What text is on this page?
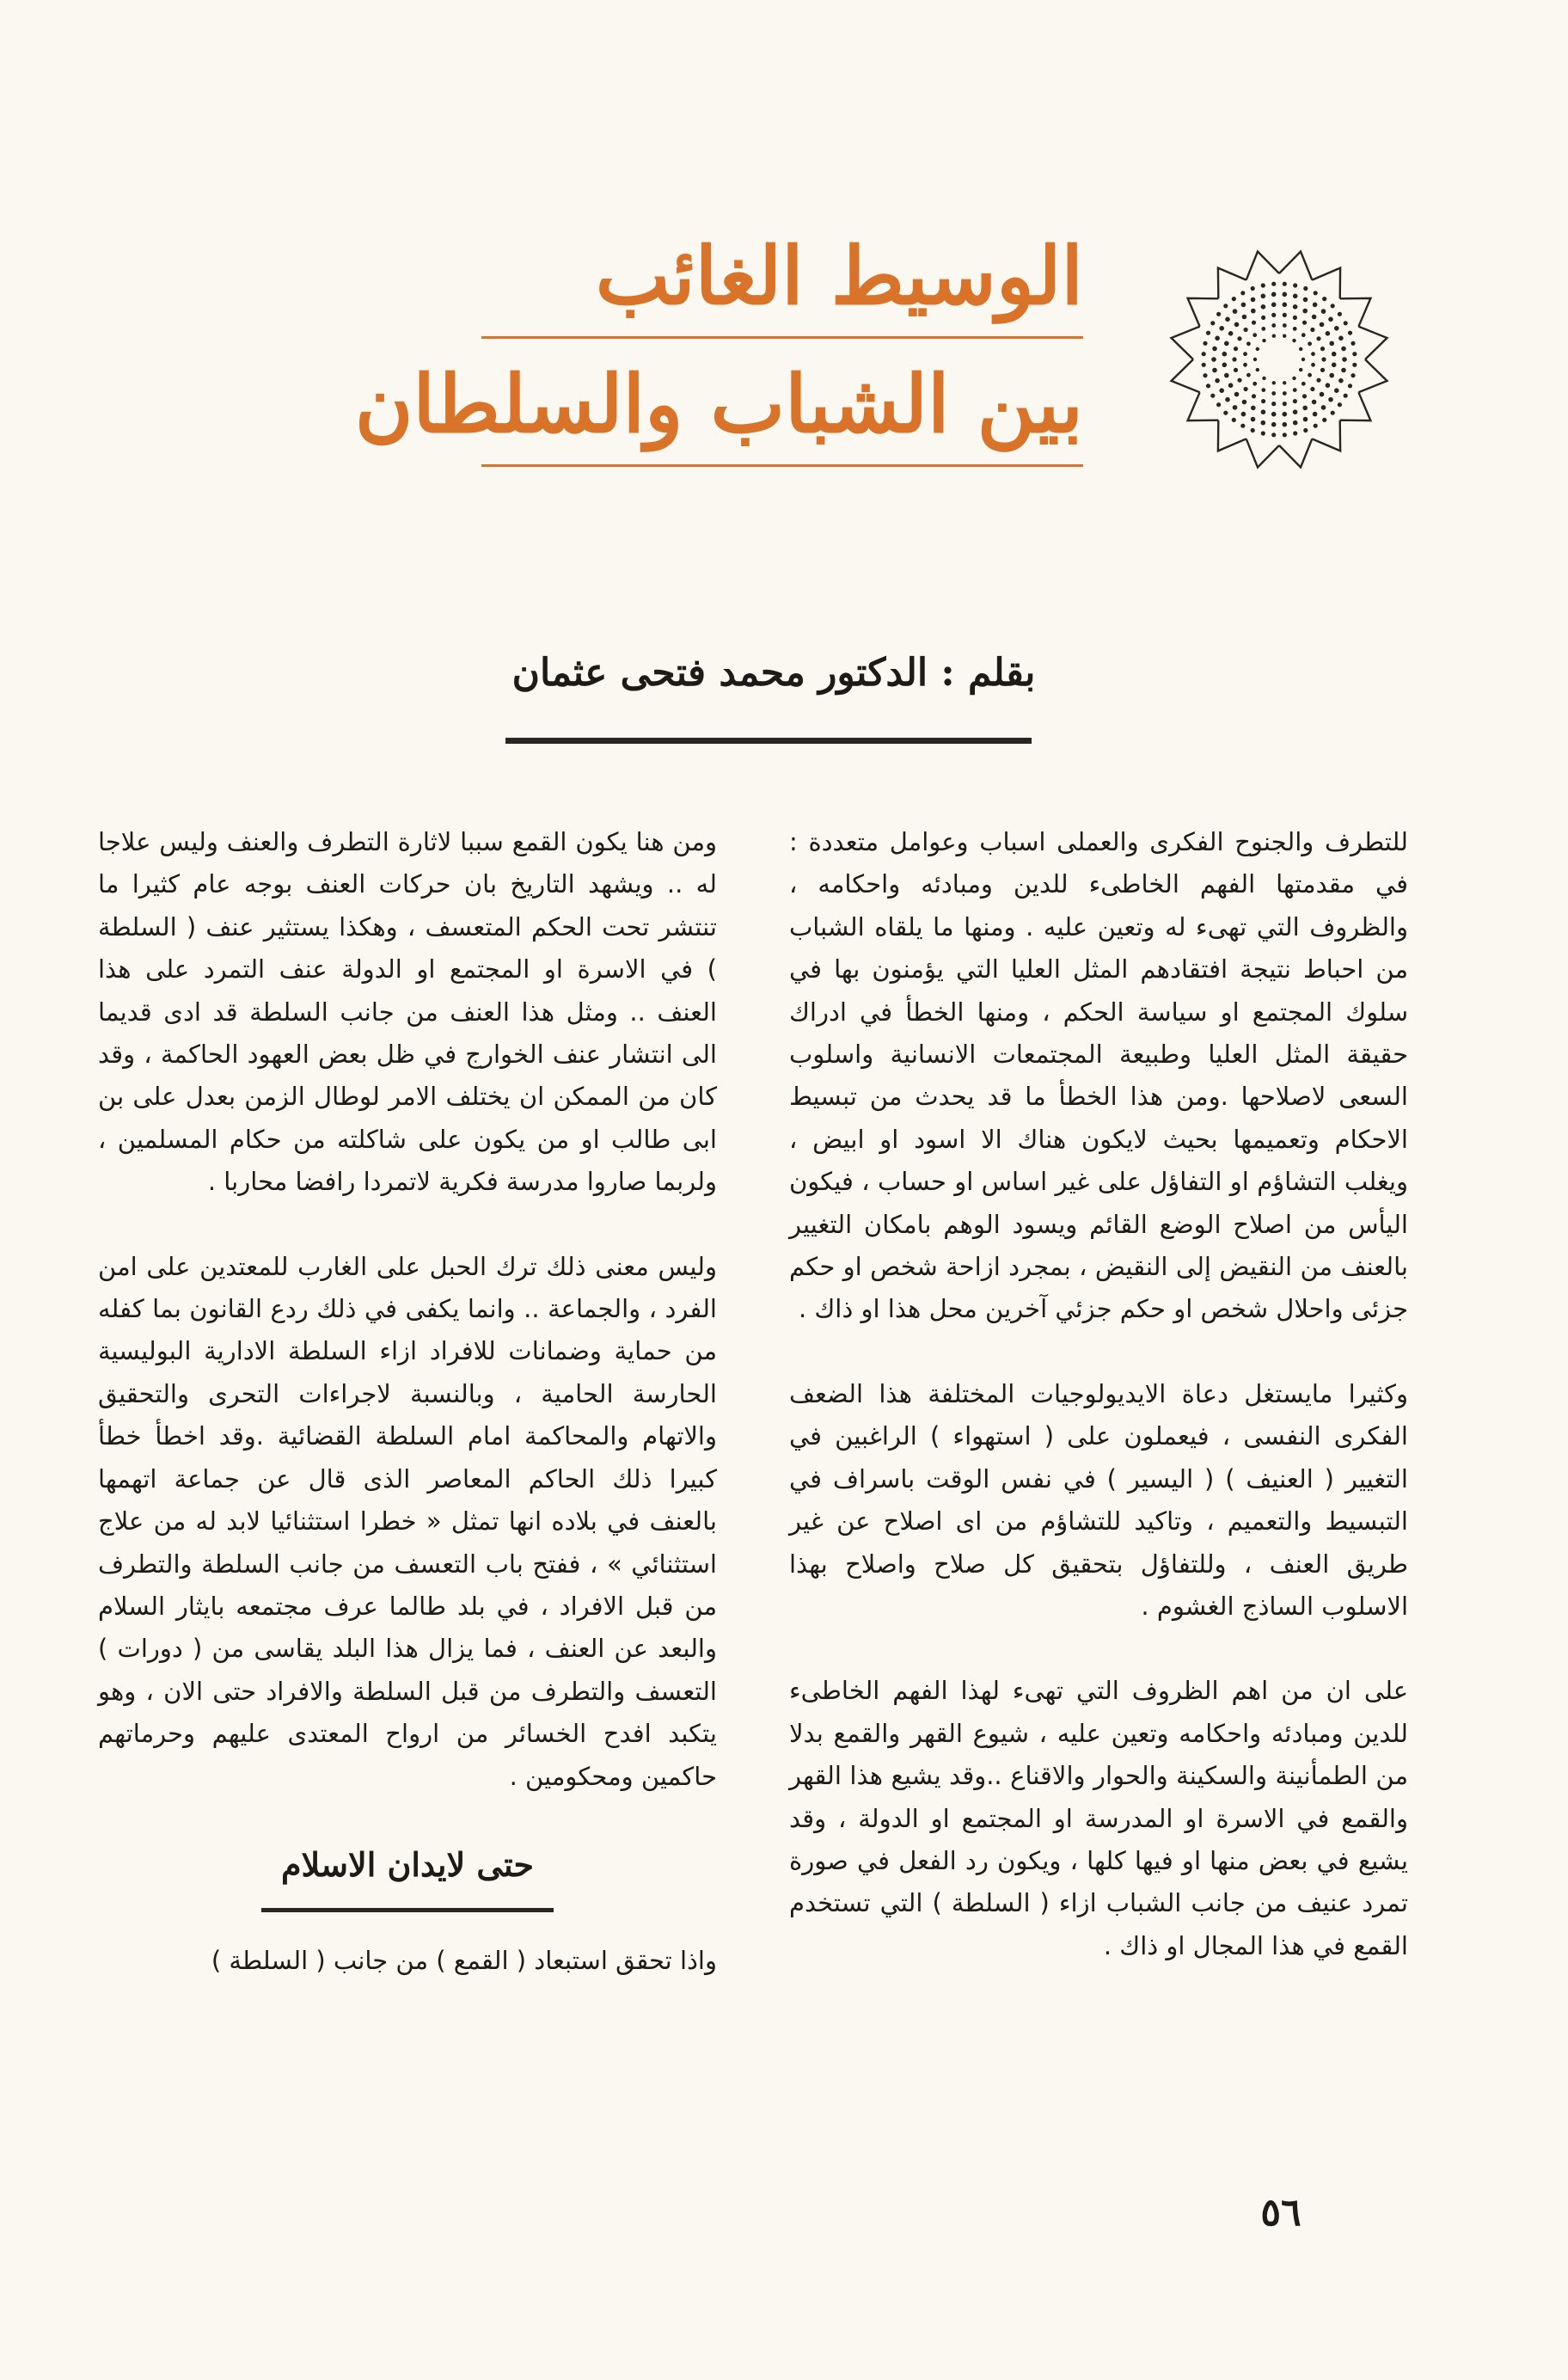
الوسيط الغائب
بين الشباب والسلطان
بقلم : الدكتور محمد فتحى عثمان

للتطرف والجنوح الفكرى والعملى اسباب وعوامل متعددة : في مقدمتها الفهم الخاطىء للدين ومبادئه واحكامه ، والظروف التي تهىء له وتعين عليه . ومنها ما يلقاه الشباب من احباط نتيجة افتقادهم المثل العليا التي يؤمنون بها في سلوك المجتمع او سياسة الحكم ، ومنها الخطأ في ادراك حقيقة المثل العليا وطبيعة المجتمعات الانسانية واسلوب السعى لاصلاحها .ومن هذا الخطأ ما قد يحدث من تبسيط الاحكام وتعميمها بحيث لايكون هناك الا اسود او ابيض ، ويغلب التشاؤم او التفاؤل على غير اساس او حساب ، فيكون اليأس من اصلاح الوضع القائم ويسود الوهم بامكان التغيير بالعنف من النقيض إلى النقيض ، بمجرد ازاحة شخص او حكم جزئى واحلال شخص او حكم جزئي آخرين محل هذا او ذاك .

وكثيرا مايستغل دعاة الايديولوجيات المختلفة هذا الضعف الفكرى النفسى ، فيعملون على ( استهواء ) الراغبين في التغيير ( العنيف ) ( اليسير ) في نفس الوقت باسراف في التبسيط والتعميم ، وتاكيد للتشاؤم من اى اصلاح عن غير طريق العنف ، وللتفاؤل بتحقيق كل صلاح واصلاح بهذا الاسلوب الساذج الغشوم .

على ان من اهم الظروف التي تهىء لهذا الفهم الخاطىء للدين ومبادئه واحكامه وتعين عليه ، شيوع القهر والقمع بدلا من الطمأنينة والسكينة والحوار والاقناع ..وقد يشيع هذا القهر والقمع في الاسرة او المدرسة او المجتمع او الدولة ، وقد يشيع في بعض منها او فيها كلها ، ويكون رد الفعل في صورة تمرد عنيف من جانب الشباب ازاء ( السلطة ) التي تستخدم القمع في هذا المجال او ذاك .

ومن هنا يكون القمع سببا لاثارة التطرف والعنف وليس علاجا له .. ويشهد التاريخ بان حركات العنف بوجه عام كثيرا ما تنتشر تحت الحكم المتعسف ، وهكذا يستثير عنف ( السلطة ) في الاسرة او المجتمع او الدولة عنف التمرد على هذا العنف .. ومثل هذا العنف من جانب السلطة قد ادى قديما الى انتشار عنف الخوارج في ظل بعض العهود الحاكمة ، وقد كان من الممكن ان يختلف الامر لوطال الزمن بعدل على بن ابى طالب او من يكون على شاكلته من حكام المسلمين ، ولربما صاروا مدرسة فكرية لاتمردا رافضا محاربا .

وليس معنى ذلك ترك الحبل على الغارب للمعتدين على امن الفرد ، والجماعة .. وانما يكفى في ذلك ردع القانون بما كفله من حماية وضمانات للافراد ازاء السلطة الادارية البوليسية الحارسة الحامية ، وبالنسبة لاجراءات التحرى والتحقيق والاتهام والمحاكمة امام السلطة القضائية .وقد اخطأ خطأ كبيرا ذلك الحاكم المعاصر الذى قال عن جماعة اتهمها بالعنف في بلاده انها تمثل « خطرا استثنائيا لابد له من علاج استثنائي » ، ففتح باب التعسف من جانب السلطة والتطرف من قبل الافراد ، في بلد طالما عرف مجتمعه بايثار السلام والبعد عن العنف ، فما يزال هذا البلد يقاسى من ( دورات ) التعسف والتطرف من قبل السلطة والافراد حتى الان ، وهو يتكبد افدح الخسائر من ارواح المعتدى عليهم وحرماتهم حاكمين ومحكومين .

حتى لايدان الاسلام

واذا تحقق استبعاد ( القمع ) من جانب ( السلطة )

٥٦
